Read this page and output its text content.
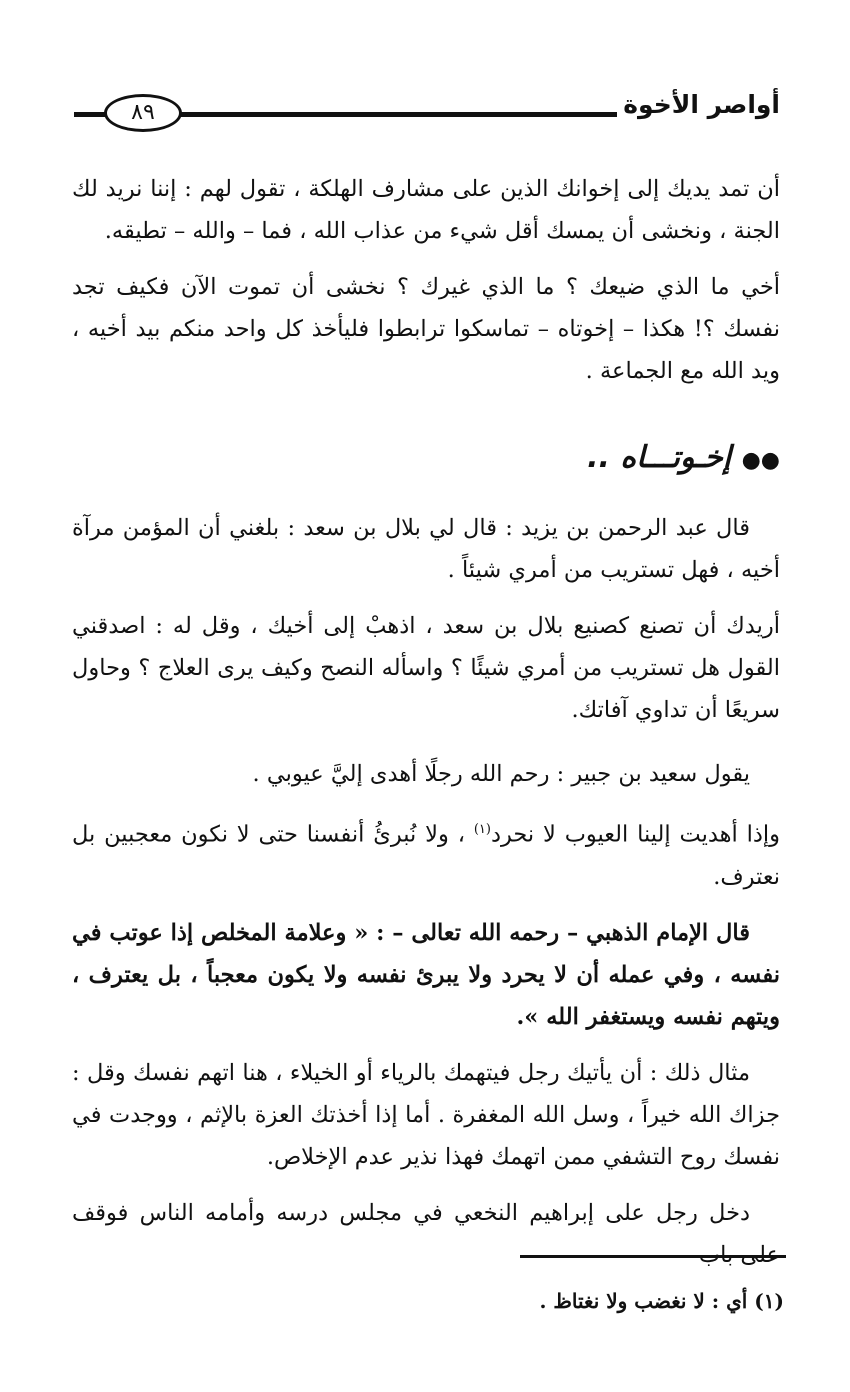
٨٩	أواصر الأخوة

أن تمد يديك إلى إخوانك الذين على مشارف الهلكة ، تقول لهم : إننا نريد لك الجنة ، ونخشى أن يمسك أقل شيء من عذاب الله ، فما – والله – تطيقه.

أخي ما الذي ضيعك ؟ ما الذي غيرك ؟ نخشى أن تموت الآن فكيف تجد نفسك ؟! هكذا – إخوتاه – تماسكوا ترابطوا فليأخذ كل واحد منكم بيد أخيه ، ويد الله مع الجماعة .

●● إخـوتـــاه ..

قال عبد الرحمن بن يزيد : قال لي بلال بن سعد : بلغني أن المؤمن مرآة أخيه ، فهل تستريب من أمري شيئاً .

أريدك أن تصنع كصنيع بلال بن سعد ، اذهبْ إلى أخيك ، وقل له : اصدقني القول هل تستريب من أمري شيئًا ؟ واسأله النصح وكيف يرى العلاج ؟ وحاول سريعًا أن تداوي آفاتك.

يقول سعيد بن جبير : رحم الله رجلًا أهدى إليَّ عيوبي .

وإذا أهديت إلينا العيوب لا نحرد$^{(١)}$ ، ولا نُبرئُ أنفسنا حتى لا نكون معجبين بل نعترف.

قال الإمام الذهبي – رحمه الله تعالى – : « وعلامة المخلص إذا عوتب في نفسه ، وفي عمله أن لا يحرد ولا يبرئ نفسه ولا يكون معجباً ، بل يعترف ، ويتهم نفسه ويستغفر الله ».

مثال ذلك : أن يأتيك رجل فيتهمك بالرياء أو الخيلاء ، هنا اتهم نفسك وقل : جزاك الله خيراً ، وسل الله المغفرة . أما إذا أخذتك العزة بالإثم ، ووجدت في نفسك روح التشفي ممن اتهمك فهذا نذير عدم الإخلاص.

دخل رجل على إبراهيم النخعي في مجلس درسه وأمامه الناس فوقف

(١) أي : لا نغضب ولا نغتاظ .
